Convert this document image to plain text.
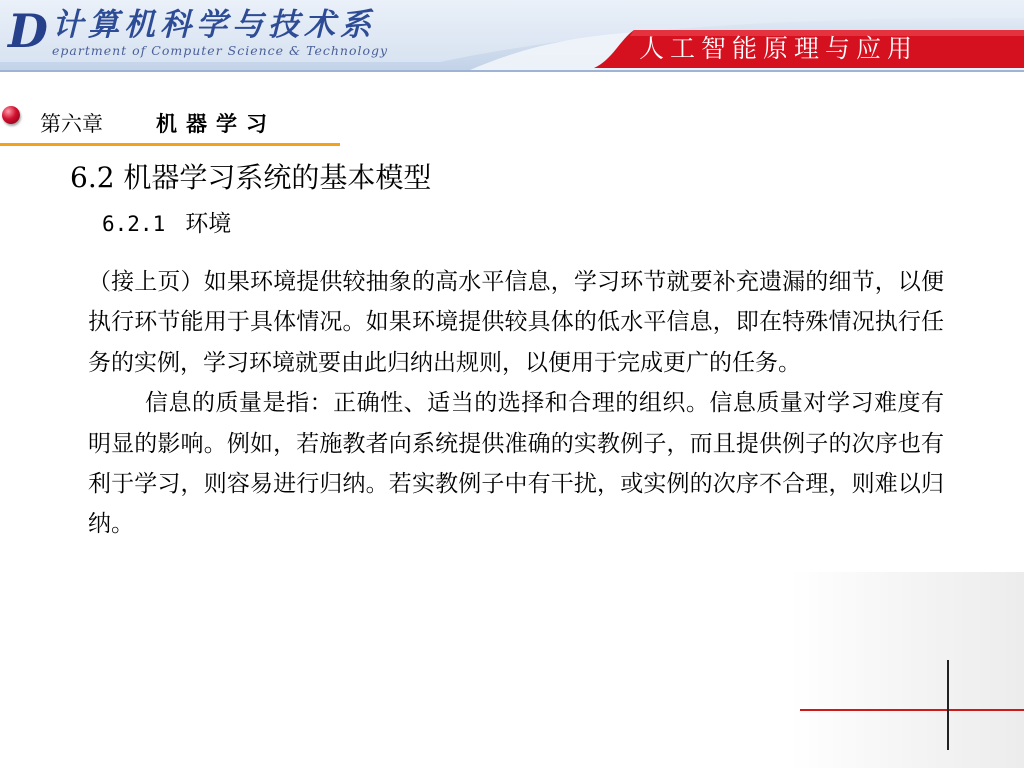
D 计算机科学与技术系
epartment of Computer Science & Technology	人工智能原理与应用
第六章	机器学习
6.2 机器学习系统的基本模型
6.2.1 环境

（接上页）如果环境提供较抽象的高水平信息，学习环节就要补充遗漏的细节，以便执行环节能用于具体情况。如果环境提供较具体的低水平信息，即在特殊情况执行任务的实例，学习环境就要由此归纳出规则，以便用于完成更广的任务。

信息的质量是指：正确性、适当的选择和合理的组织。信息质量对学习难度有明显的影响。例如，若施教者向系统提供准确的实教例子，而且提供例子的次序也有利于学习，则容易进行归纳。若实教例子中有干扰，或实例的次序不合理，则难以归纳。
